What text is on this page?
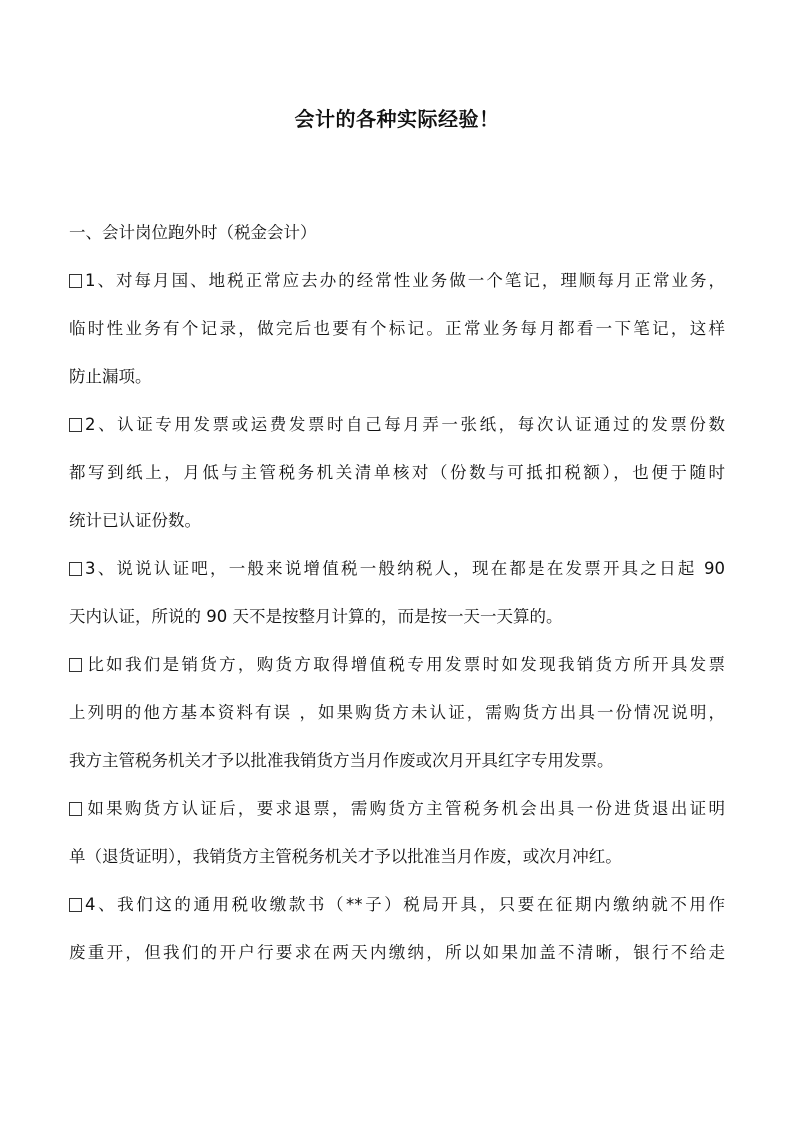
会计的各种实际经验！
一、会计岗位跑外时（税金会计）
1、对每月国、地税正常应去办的经常性业务做一个笔记，理顺每月正常业务，
临时性业务有个记录，做完后也要有个标记。正常业务每月都看一下笔记，这样
防止漏项。
2、认证专用发票或运费发票时自己每月弄一张纸，每次认证通过的发票份数
都写到纸上，月低与主管税务机关清单核对（份数与可抵扣税额），也便于随时
统计已认证份数。
3、说说认证吧，一般来说增值税一般纳税人，现在都是在发票开具之日起 90
天内认证，所说的 90 天不是按整月计算的，而是按一天一天算的。
比如我们是销货方，购货方取得增值税专用发票时如发现我销货方所开具发票
上列明的他方基本资料有误 ，如果购货方未认证，需购货方出具一份情况说明，
我方主管税务机关才予以批准我销货方当月作废或次月开具红字专用发票。
如果购货方认证后，要求退票，需购货方主管税务机会出具一份进货退出证明
单（退货证明），我销货方主管税务机关才予以批准当月作废，或次月冲红。
4、我们这的通用税收缴款书（**子）税局开具，只要在征期内缴纳就不用作
废重开，但我们的开户行要求在两天内缴纳，所以如果加盖不清晰，银行不给走
